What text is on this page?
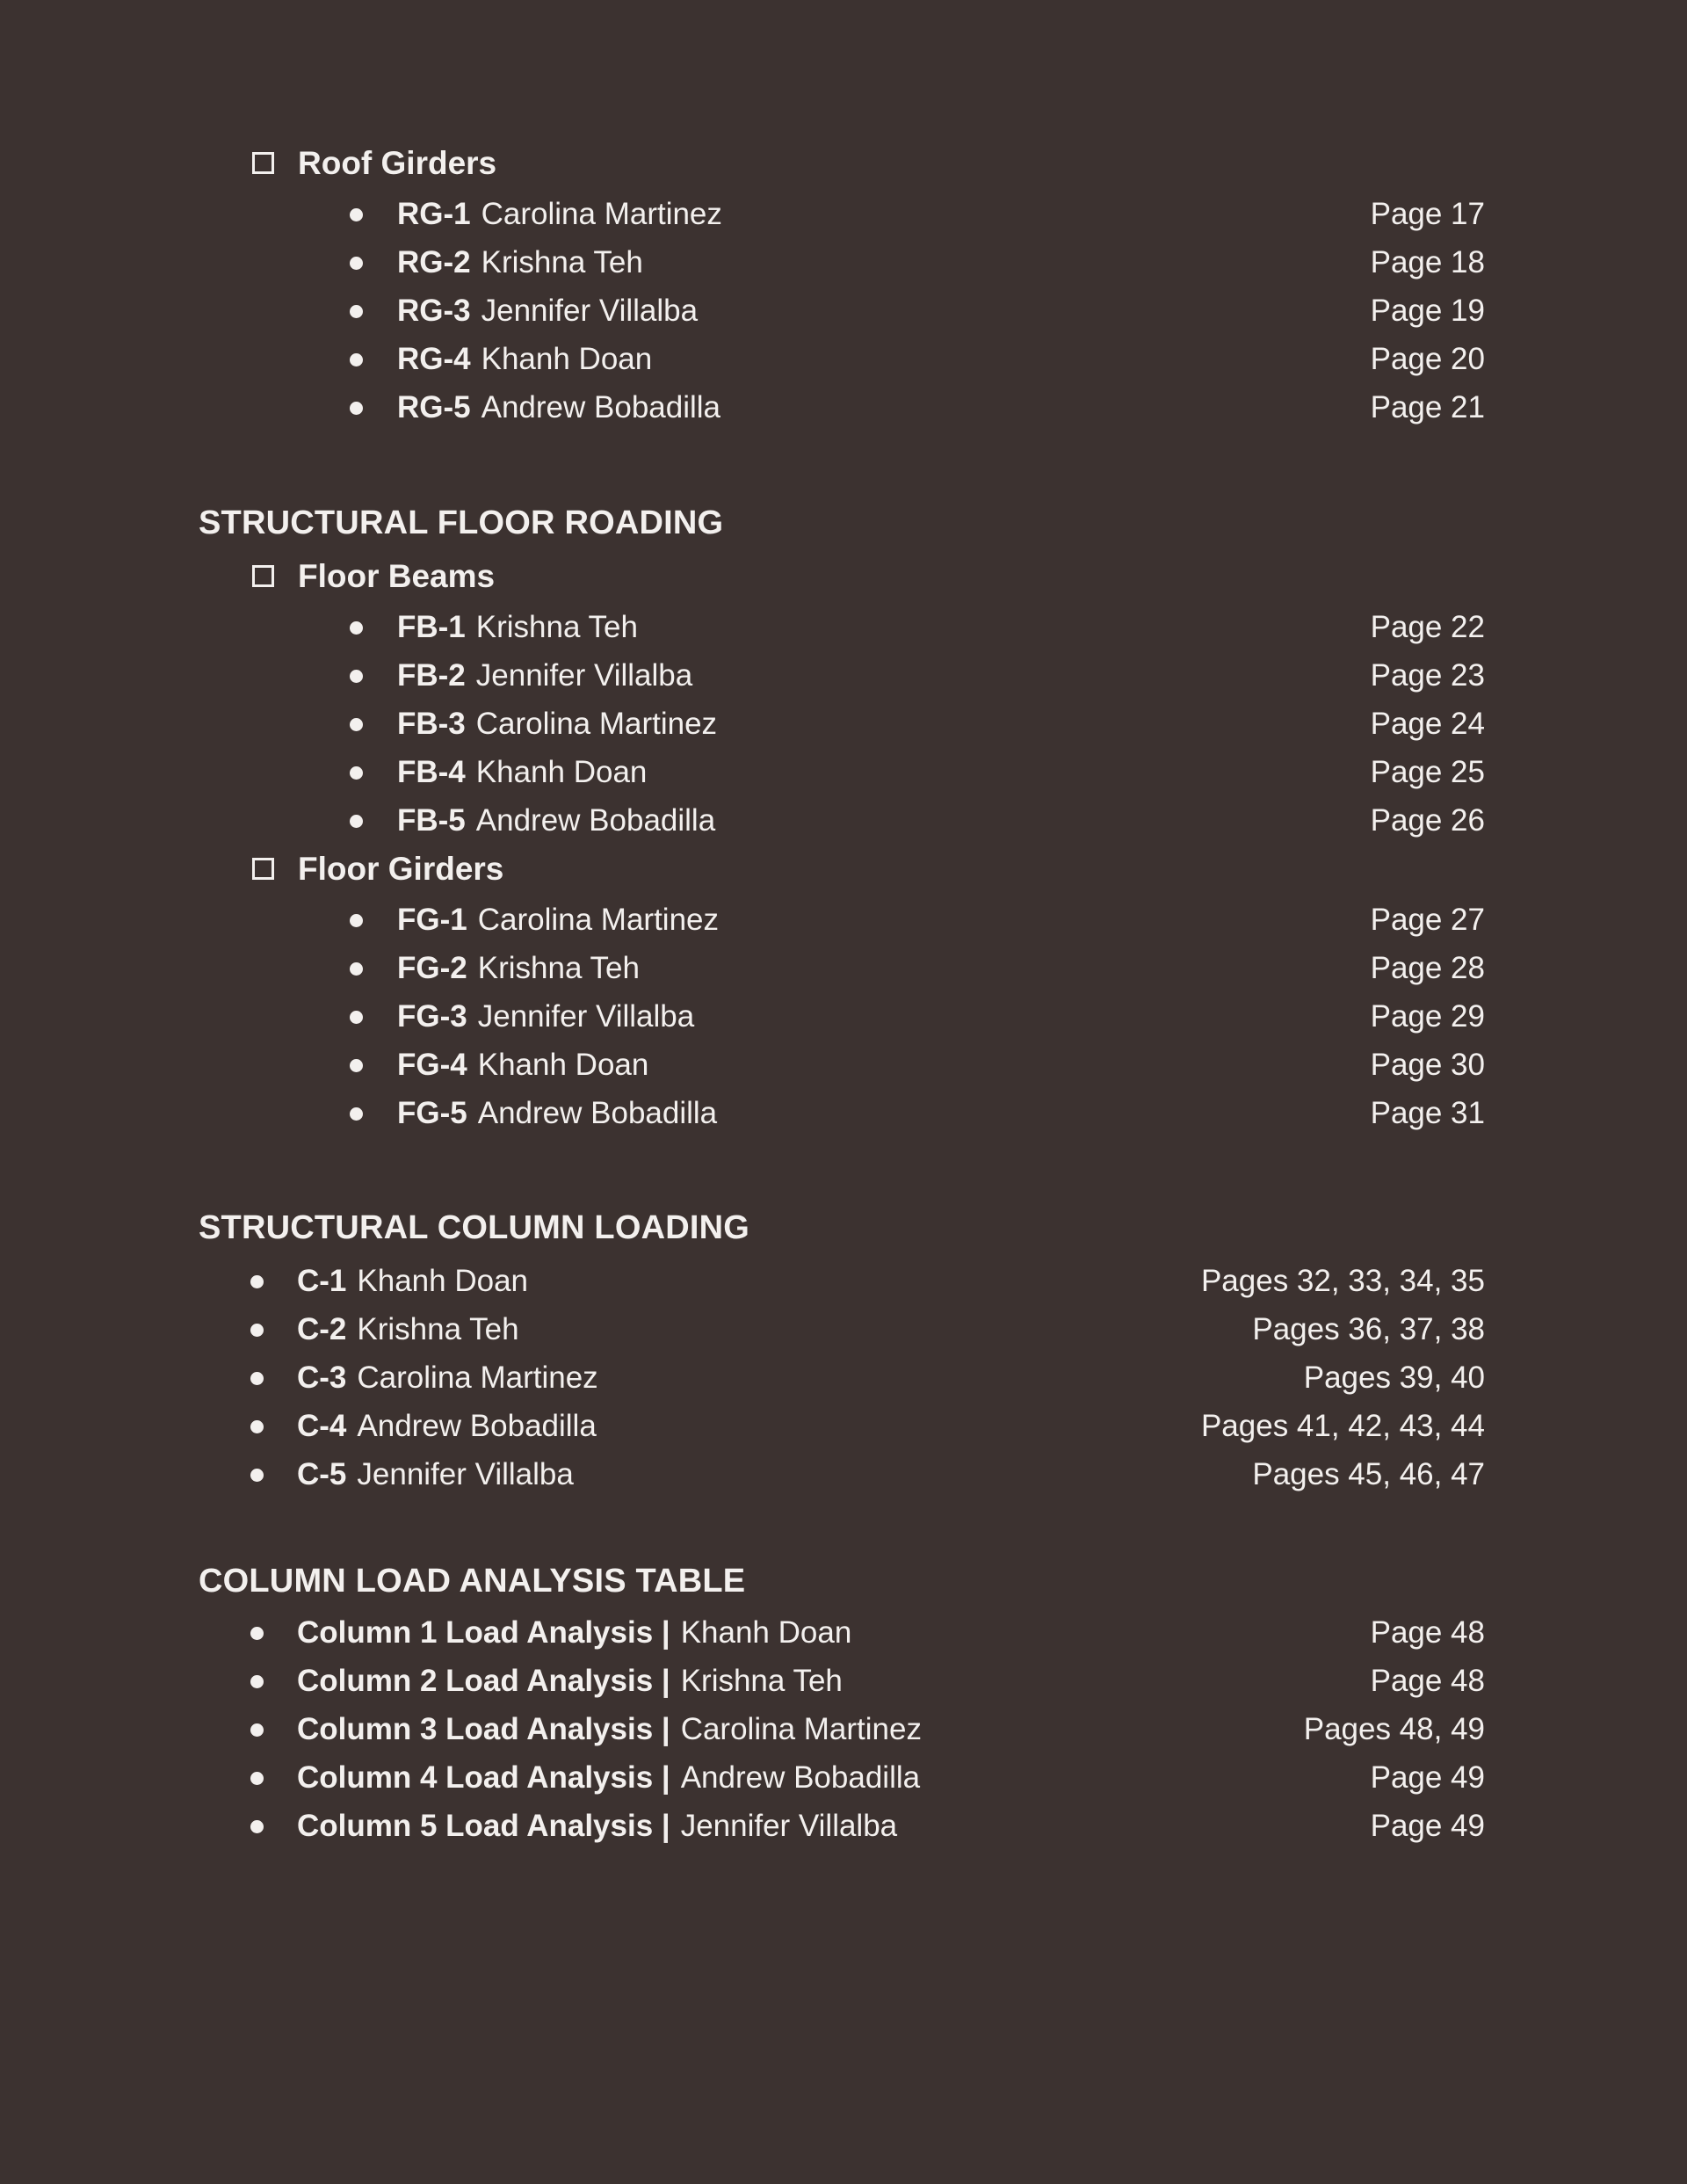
Roof Girders
RG-1 Carolina Martinez	Page 17
RG-2 Krishna Teh	Page 18
RG-3 Jennifer Villalba	Page 19
RG-4 Khanh Doan	Page 20
RG-5 Andrew Bobadilla	Page 21
STRUCTURAL FLOOR ROADING
Floor Beams
FB-1 Krishna Teh	Page 22
FB-2 Jennifer Villalba	Page 23
FB-3 Carolina Martinez	Page 24
FB-4 Khanh Doan	Page 25
FB-5 Andrew Bobadilla	Page 26
Floor Girders
FG-1 Carolina Martinez	Page 27
FG-2 Krishna Teh	Page 28
FG-3 Jennifer Villalba	Page 29
FG-4 Khanh Doan	Page 30
FG-5 Andrew Bobadilla	Page 31
STRUCTURAL COLUMN LOADING
C-1 Khanh Doan	Pages 32, 33, 34, 35
C-2 Krishna Teh	Pages 36, 37, 38
C-3 Carolina Martinez	Pages 39, 40
C-4 Andrew Bobadilla	Pages 41, 42, 43, 44
C-5 Jennifer Villalba	Pages 45, 46, 47
COLUMN LOAD ANALYSIS TABLE
Column 1 Load Analysis | Khanh Doan	Page 48
Column 2 Load Analysis | Krishna Teh	Page 48
Column 3 Load Analysis | Carolina Martinez	Pages 48, 49
Column 4 Load Analysis | Andrew Bobadilla	Page 49
Column 5 Load Analysis | Jennifer Villalba	Page 49
